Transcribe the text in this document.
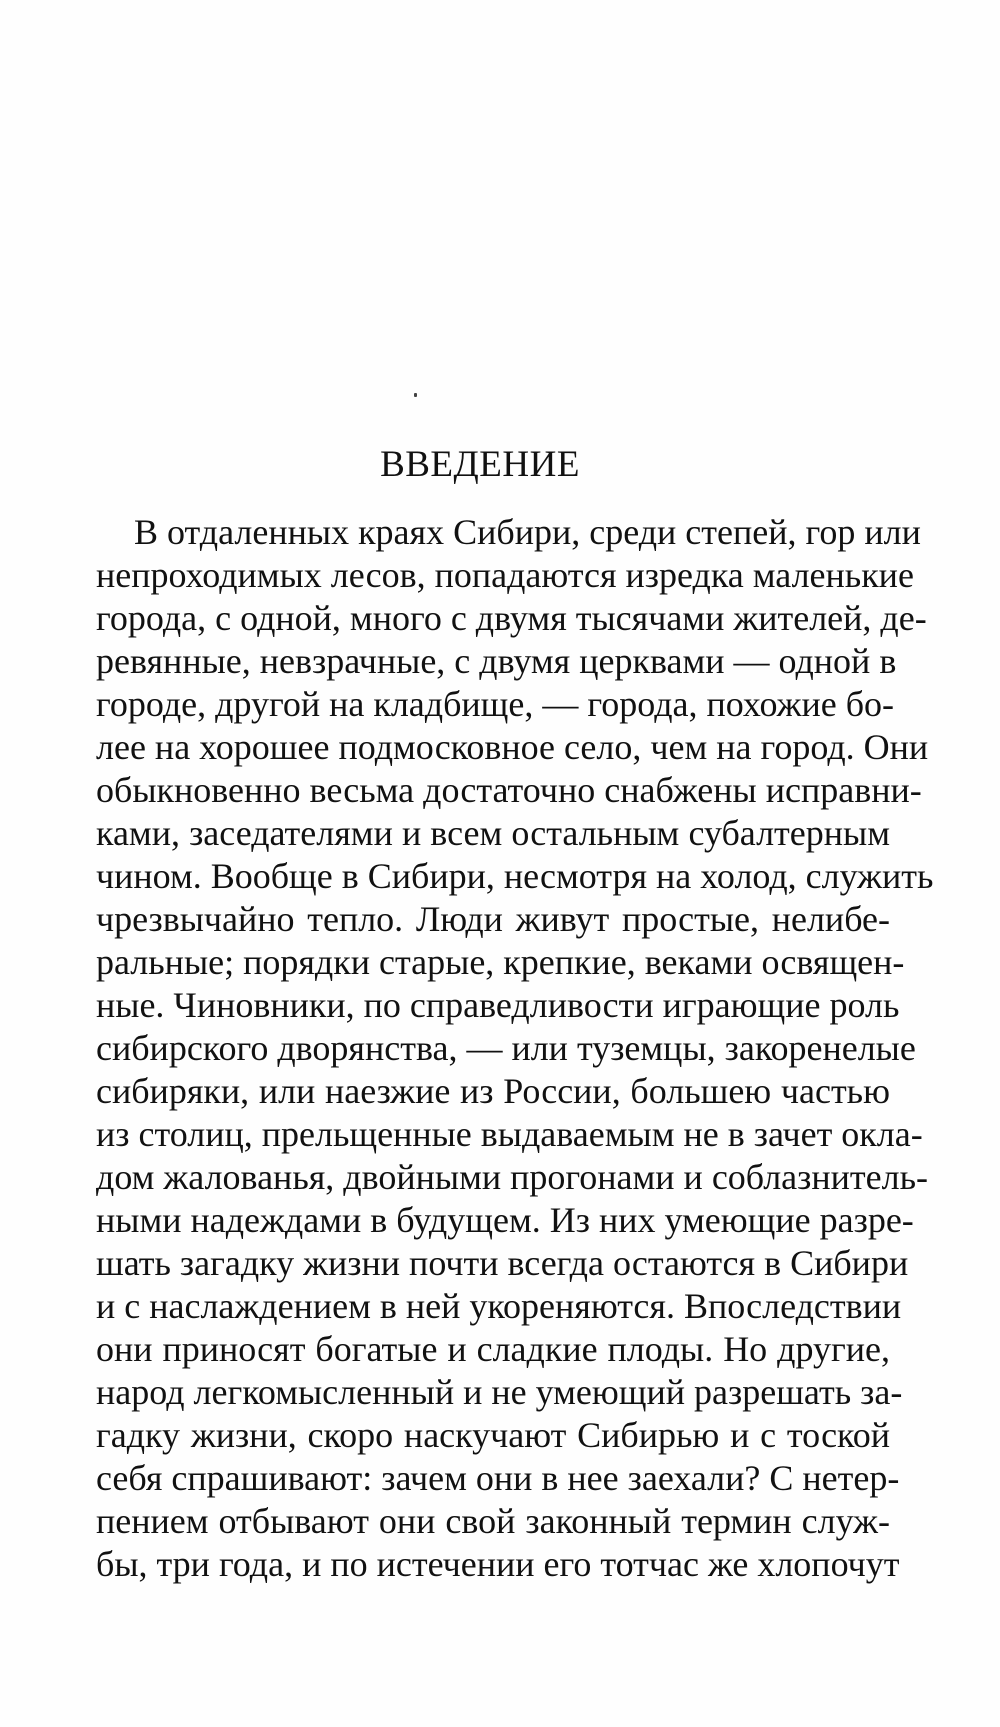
ВВЕДЕНИЕ

В отдаленных краях Сибири, среди степей, гор или

непроходимых лесов, попадаются изредка маленькие

города, с одной, много с двумя тысячами жителей, де-

ревянные, невзрачные, с двумя церквами — одной в

городе, другой на кладбище, — города, похожие бо-

лее на хорошее подмосковное село, чем на город. Они

обыкновенно весьма достаточно снабжены исправни-

ками, заседателями и всем остальным субалтерным

чином. Вообще в Сибири, несмотря на холод, служить

чрезвычайно тепло. Люди живут простые, нелибе-

ральные; порядки старые, крепкие, веками освящен-

ные. Чиновники, по справедливости играющие роль

сибирского дворянства, — или туземцы, закоренелые

сибиряки, или наезжие из России, большею частью

из столиц, прельщенные выдаваемым не в зачет окла-

дом жалованья, двойными прогонами и соблазнитель-

ными надеждами в будущем. Из них умеющие разре-

шать загадку жизни почти всегда остаются в Сибири

и с наслаждением в ней укореняются. Впоследствии

они приносят богатые и сладкие плоды. Но другие,

народ легкомысленный и не умеющий разрешать за-

гадку жизни, скоро наскучают Сибирью и с тоской

себя спрашивают: зачем они в нее заехали? С нетер-

пением отбывают они свой законный термин служ-

бы, три года, и по истечении его тотчас же хлопочут
